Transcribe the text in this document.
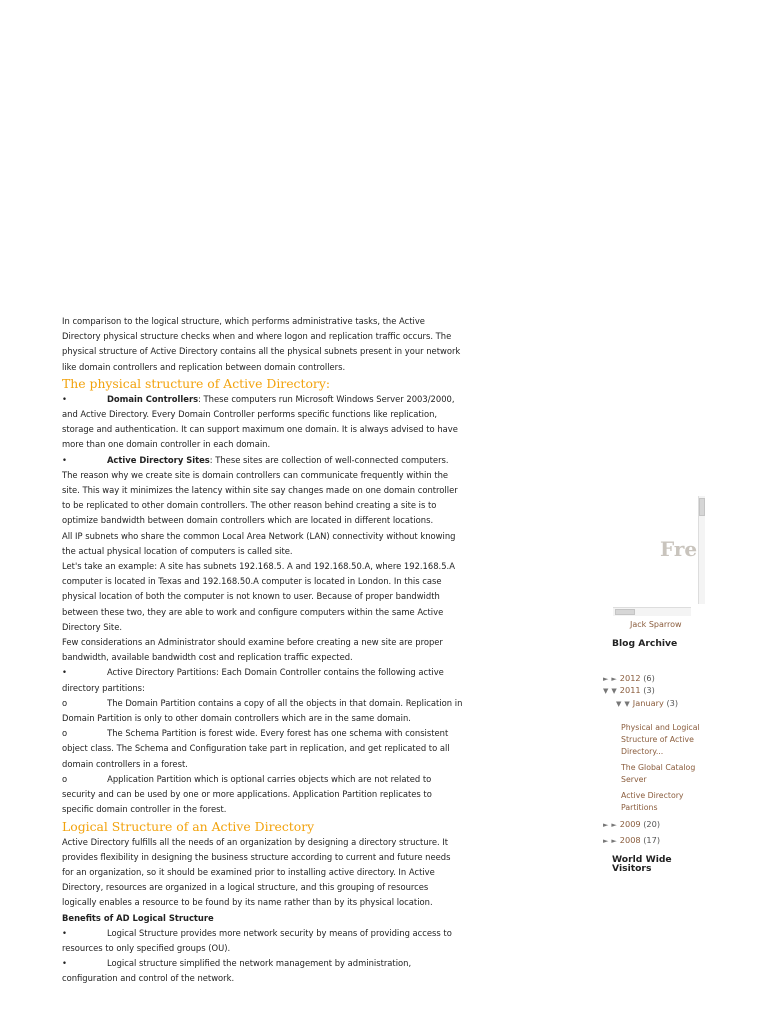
In comparison to the logical structure, which performs administrative tasks, the Active Directory physical structure checks when and where logon and replication traffic occurs. The physical structure of Active Directory contains all the physical subnets present in your network like domain controllers and replication between domain controllers.

The physical structure of Active Directory:

•	Domain Controllers: These computers run Microsoft Windows Server 2003/2000, and Active Directory. Every Domain Controller performs specific functions like replication, storage and authentication. It can support maximum one domain. It is always advised to have more than one domain controller in each domain.

•	Active Directory Sites: These sites are collection of well-connected computers. The reason why we create site is domain controllers can communicate frequently within the site. This way it minimizes the latency within site say changes made on one domain controller to be replicated to other domain controllers. The other reason behind creating a site is to optimize bandwidth between domain controllers which are located in different locations.

All IP subnets who share the common Local Area Network (LAN) connectivity without knowing the actual physical location of computers is called site.

Let's take an example: A site has subnets 192.168.5. A and 192.168.50.A, where 192.168.5.A computer is located in Texas and 192.168.50.A computer is located in London. In this case physical location of both the computer is not known to user. Because of proper bandwidth between these two, they are able to work and configure computers within the same Active Directory Site.

Few considerations an Administrator should examine before creating a new site are proper bandwidth, available bandwidth cost and replication traffic expected.

•	Active Directory Partitions: Each Domain Controller contains the following active directory partitions:

o	The Domain Partition contains a copy of all the objects in that domain. Replication in Domain Partition is only to other domain controllers which are in the same domain.

o	The Schema Partition is forest wide. Every forest has one schema with consistent object class. The Schema and Configuration take part in replication, and get replicated to all domain controllers in a forest.

o	Application Partition which is optional carries objects which are not related to security and can be used by one or more applications. Application Partition replicates to specific domain controller in the forest.

Logical Structure of an Active Directory

Active Directory fulfills all the needs of an organization by designing a directory structure. It provides flexibility in designing the business structure according to current and future needs for an organization, so it should be examined prior to installing active directory. In Active Directory, resources are organized in a logical structure, and this grouping of resources logically enables a resource to be found by its name rather than by its physical location.

Benefits of AD Logical Structure

•	Logical Structure provides more network security by means of providing access to resources to only specified groups (OU).

•	Logical structure simplified the network management by administration, configuration and control of the network.

Fre
Jack Sparrow
Blog Archive
► ► 2012 (6)
▼ ▼ 2011 (3)
▼ ▼ January (3)
Physical and Logical Structure of Active Directory...
The Global Catalog Server
Active Directory Partitions
► ► 2009 (20)
► ► 2008 (17)
World Wide Visitors
